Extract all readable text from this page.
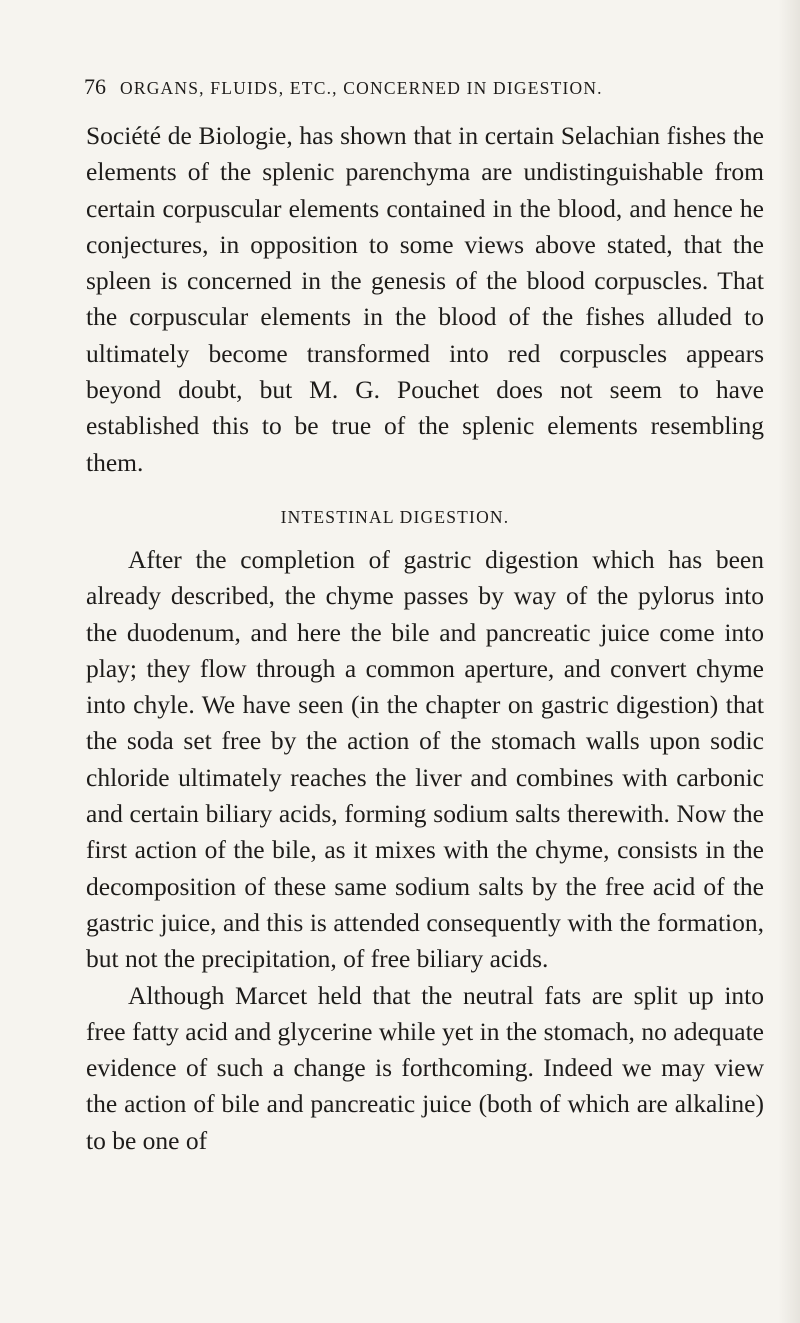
76 ORGANS, FLUIDS, ETC., CONCERNED IN DIGESTION.

Société de Biologie, has shown that in certain Selachian fishes the elements of the splenic parenchyma are undistinguishable from certain corpuscular elements contained in the blood, and hence he conjectures, in opposition to some views above stated, that the spleen is concerned in the genesis of the blood corpuscles. That the corpuscular elements in the blood of the fishes alluded to ultimately become transformed into red corpuscles appears beyond doubt, but M. G. Pouchet does not seem to have established this to be true of the splenic elements resembling them.

INTESTINAL DIGESTION.

After the completion of gastric digestion which has been already described, the chyme passes by way of the pylorus into the duodenum, and here the bile and pancreatic juice come into play; they flow through a common aperture, and convert chyme into chyle. We have seen (in the chapter on gastric digestion) that the soda set free by the action of the stomach walls upon sodic chloride ultimately reaches the liver and combines with carbonic and certain biliary acids, forming sodium salts therewith. Now the first action of the bile, as it mixes with the chyme, consists in the decomposition of these same sodium salts by the free acid of the gastric juice, and this is attended consequently with the formation, but not the precipitation, of free biliary acids.

Although Marcet held that the neutral fats are split up into free fatty acid and glycerine while yet in the stomach, no adequate evidence of such a change is forthcoming. Indeed we may view the action of bile and pancreatic juice (both of which are alkaline) to be one of
